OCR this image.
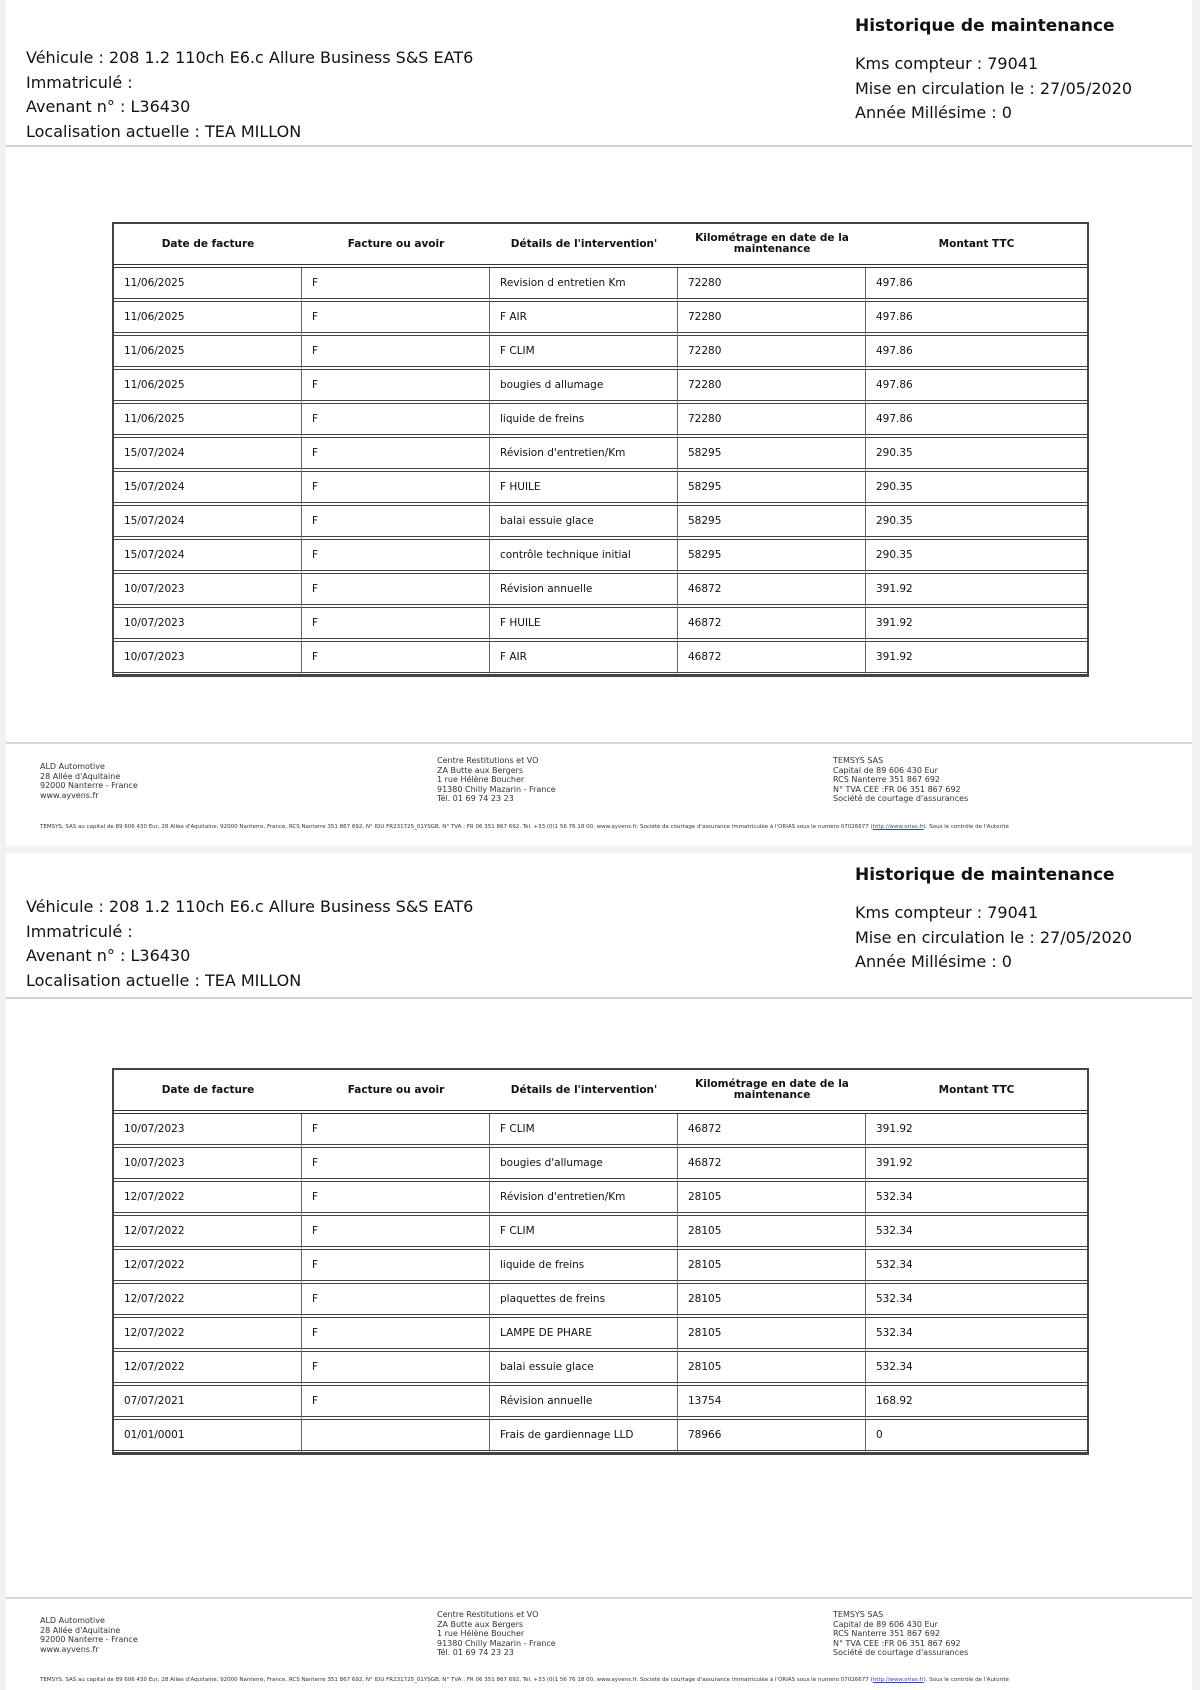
Véhicule : 208 1.2 110ch E6.c Allure Business S&S EAT6
Immatriculé :
Avenant n° : L36430
Localisation actuelle : TEA MILLON
Historique de maintenance
Kms compteur : 79041
Mise en circulation le : 27/05/2020
Année Millésime : 0
Date de facture	Facture ou avoir	Détails de l'intervention'	Kilométrage en date de la maintenance	Montant TTC
11/06/2025	F	Revision d entretien Km	72280	497.86
11/06/2025	F	F AIR	72280	497.86
11/06/2025	F	F CLIM	72280	497.86
11/06/2025	F	bougies d allumage	72280	497.86
11/06/2025	F	liquide de freins	72280	497.86
15/07/2024	F	Révision d'entretien/Km	58295	290.35
15/07/2024	F	F HUILE	58295	290.35
15/07/2024	F	balai essuie glace	58295	290.35
15/07/2024	F	contrôle technique initial	58295	290.35
10/07/2023	F	Révision annuelle	46872	391.92
10/07/2023	F	F HUILE	46872	391.92
10/07/2023	F	F AIR	46872	391.92
ALD Automotive
28 Allée d'Aquitaine
92000 Nanterre - France
www.ayvens.fr
Centre Restitutions et VO
ZA Butte aux Bergers
1 rue Hélène Boucher
91380 Chilly Mazarin - France
Tél. 01 69 74 23 23
TEMSYS SAS
Capital de 89 606 430 Eur
RCS Nanterre 351 867 692
N° TVA CEE :FR 06 351 867 692
Société de courtage d'assurances
TEMSYS, SAS au capital de 89 606 430 Eur, 28 Allée d'Aquitaine, 92000 Nanterre, France, RCS Nanterre 351 867 692, N° IDU FR231725_01YSGB, N° TVA : FR 06 351 867 692, Tél. +33 (0)1 56 76 18 00, www.ayvens.fr. Société de courtage d'assurance immatriculée à l'ORIAS sous le numéro 07026677 (http://www.orias.fr). Sous le contrôle de l'Autorité
Véhicule : 208 1.2 110ch E6.c Allure Business S&S EAT6
Immatriculé :
Avenant n° : L36430
Localisation actuelle : TEA MILLON
Historique de maintenance
Kms compteur : 79041
Mise en circulation le : 27/05/2020
Année Millésime : 0
Date de facture	Facture ou avoir	Détails de l'intervention'	Kilométrage en date de la maintenance	Montant TTC
10/07/2023	F	F CLIM	46872	391.92
10/07/2023	F	bougies d'allumage	46872	391.92
12/07/2022	F	Révision d'entretien/Km	28105	532.34
12/07/2022	F	F CLIM	28105	532.34
12/07/2022	F	liquide de freins	28105	532.34
12/07/2022	F	plaquettes de freins	28105	532.34
12/07/2022	F	LAMPE DE PHARE	28105	532.34
12/07/2022	F	balai essuie glace	28105	532.34
07/07/2021	F	Révision annuelle	13754	168.92
01/01/0001		Frais de gardiennage LLD	78966	0
ALD Automotive
28 Allée d'Aquitaine
92000 Nanterre - France
www.ayvens.fr
Centre Restitutions et VO
ZA Butte aux Bergers
1 rue Hélène Boucher
91380 Chilly Mazarin - France
Tél. 01 69 74 23 23
TEMSYS SAS
Capital de 89 606 430 Eur
RCS Nanterre 351 867 692
N° TVA CEE :FR 06 351 867 692
Société de courtage d'assurances
TEMSYS, SAS au capital de 89 606 430 Eur, 28 Allée d'Aquitaine, 92000 Nanterre, France, RCS Nanterre 351 867 692, N° IDU FR231725_01YSGB, N° TVA : FR 06 351 867 692, Tél. +33 (0)1 56 76 18 00, www.ayvens.fr. Société de courtage d'assurance immatriculée à l'ORIAS sous le numéro 07026677 (http://www.orias.fr). Sous le contrôle de l'Autorité
